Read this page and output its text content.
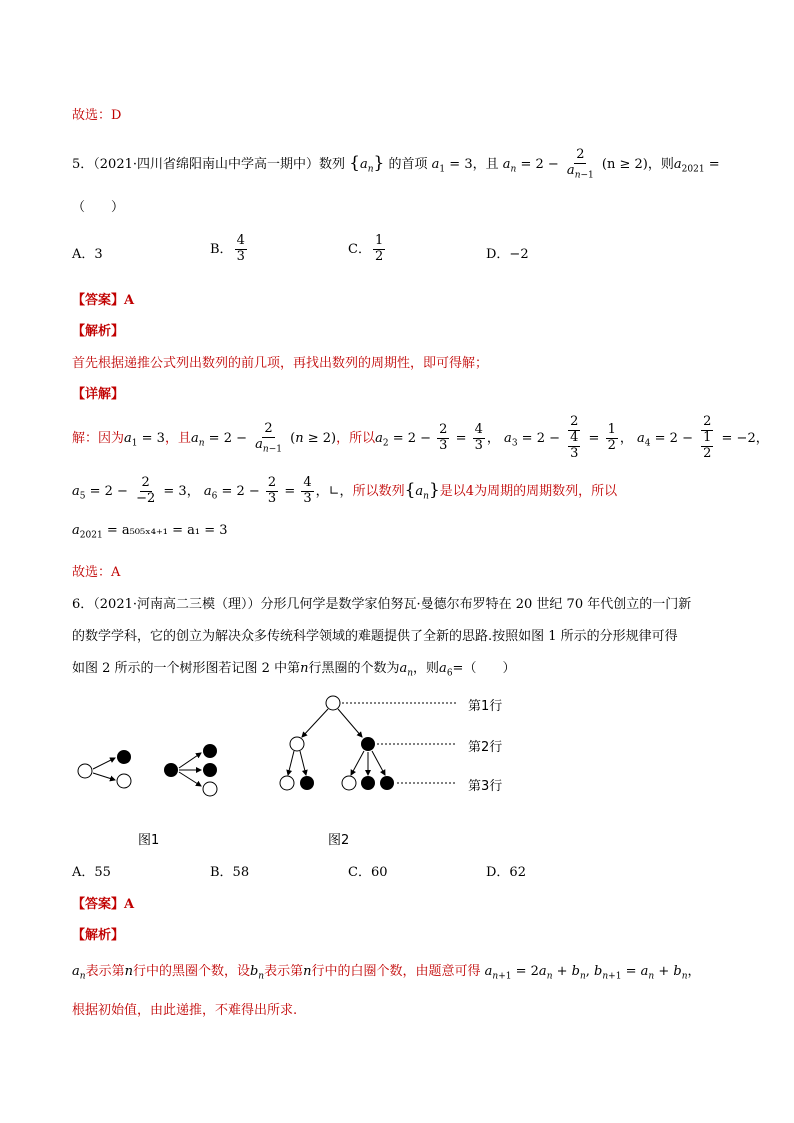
故选：D
5．（2021·四川省绵阳南山中学高一期中）数列 $\{a_n\}$ 的首项 $a_1 = 3$，且 $a_n = 2 - \frac{2}{a_{n-1}} (n \ge 2)$，则$a_{2021}$ =
（　　）
A．3	B． $\frac{4}{3}$	C． $\frac{1}{2}$	D．−2
【答案】A
【解析】
首先根据递推公式列出数列的前几项，再找出数列的周期性，即可得解；
【详解】
解：因为$a_1 = 3$，且$a_n = 2 - \frac{2}{a_{n-1}} (n \ge 2)$，所以$a_2 = 2 - \frac{2}{3} = \frac{4}{3}$ ， $a_3 = 2 - \frac{2}{\frac{4}{3}} = \frac{1}{2}$ ， $a_4 = 2 - \frac{2}{\frac{1}{2}} = -2$，
$a_5 = 2 - \frac{2}{-2} = 3$， $a_6 = 2 - \frac{2}{3} = \frac{4}{3}$ ，∟，所以数列$\{a_n\}$是以4为周期的周期数列，所以
$a_{2021} = a_{505x4+1} = a_1 = 3$
故选：A
6．（2021·河南高二三模（理））分形几何学是数学家伯努瓦·曼德尔布罗特在 20 世纪 70 年代创立的一门新
的数学学科，它的创立为解决众多传统科学领域的难题提供了全新的思路.按照如图 1 所示的分形规律可得
如图 2 所示的一个树形图若记图 2 中第n行黑圈的个数为$a_n$，则$a_6=$（　　）
第1行
第2行
第3行
图1	图2
A．55	B．58	C．60	D．62
【答案】A
【解析】
$a_n$表示第n行中的黑圈个数，设$b_n$表示第n行中的白圈个数，由题意可得 $a_{n+1} = 2a_n + b_n$, $b_{n+1} = a_n + b_n$，
根据初始值，由此递推，不难得出所求.
